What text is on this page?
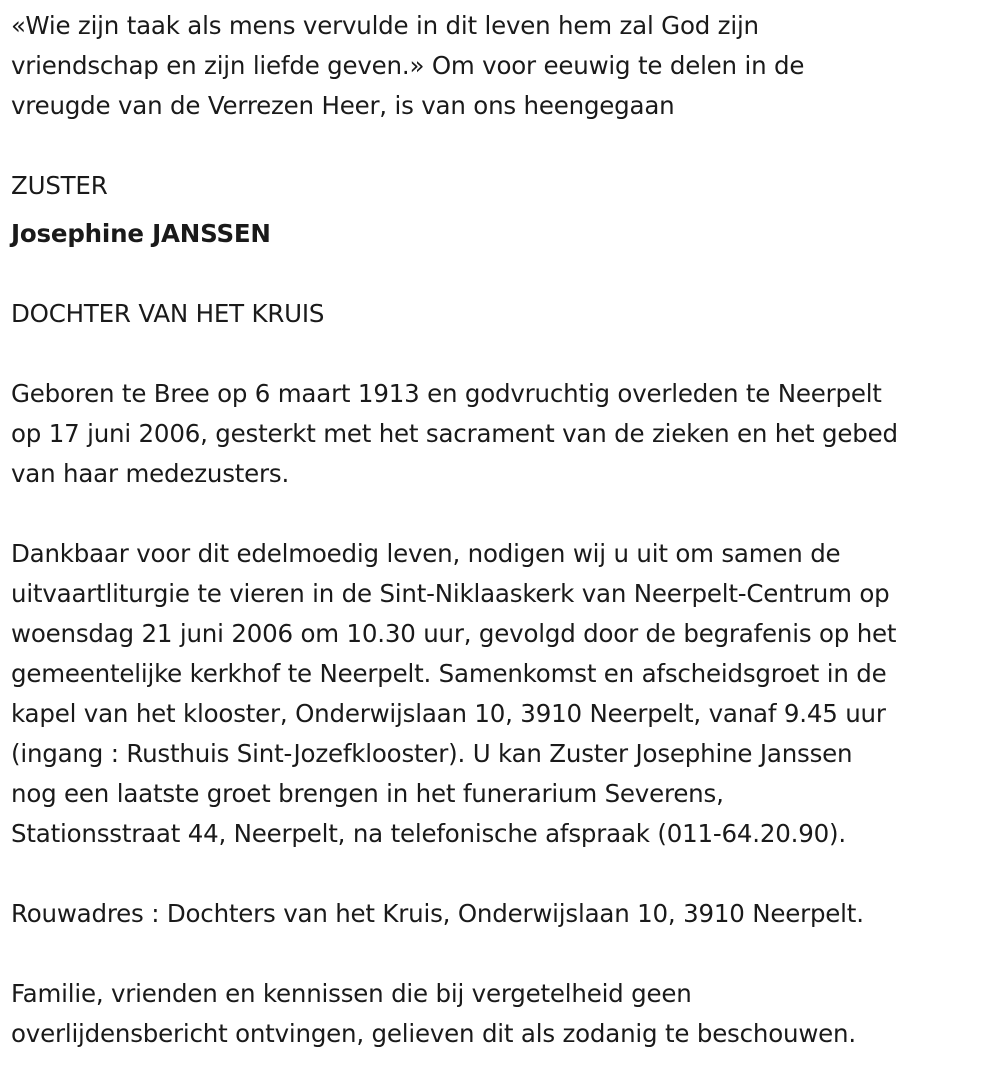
«Wie zijn taak als mens vervulde in dit leven hem zal God zijn
vriendschap en zijn liefde geven.» Om voor eeuwig te delen in de
vreugde van de Verrezen Heer, is van ons heengegaan

ZUSTER

Josephine JANSSEN

DOCHTER VAN HET KRUIS

Geboren te Bree op 6 maart 1913 en godvruchtig overleden te Neerpelt
op 17 juni 2006, gesterkt met het sacrament van de zieken en het gebed
van haar medezusters.

Dankbaar voor dit edelmoedig leven, nodigen wij u uit om samen de
uitvaartliturgie te vieren in de Sint-Niklaaskerk van Neerpelt-Centrum op
woensdag 21 juni 2006 om 10.30 uur, gevolgd door de begrafenis op het
gemeentelijke kerkhof te Neerpelt. Samenkomst en afscheidsgroet in de
kapel van het klooster, Onderwijslaan 10, 3910 Neerpelt, vanaf 9.45 uur
(ingang : Rusthuis Sint-Jozefklooster). U kan Zuster Josephine Janssen
nog een laatste groet brengen in het funerarium Severens,
Stationsstraat 44, Neerpelt, na telefonische afspraak (011-64.20.90).

Rouwadres : Dochters van het Kruis, Onderwijslaan 10, 3910 Neerpelt.

Familie, vrienden en kennissen die bij vergetelheid geen
overlijdensbericht ontvingen, gelieven dit als zodanig te beschouwen.
